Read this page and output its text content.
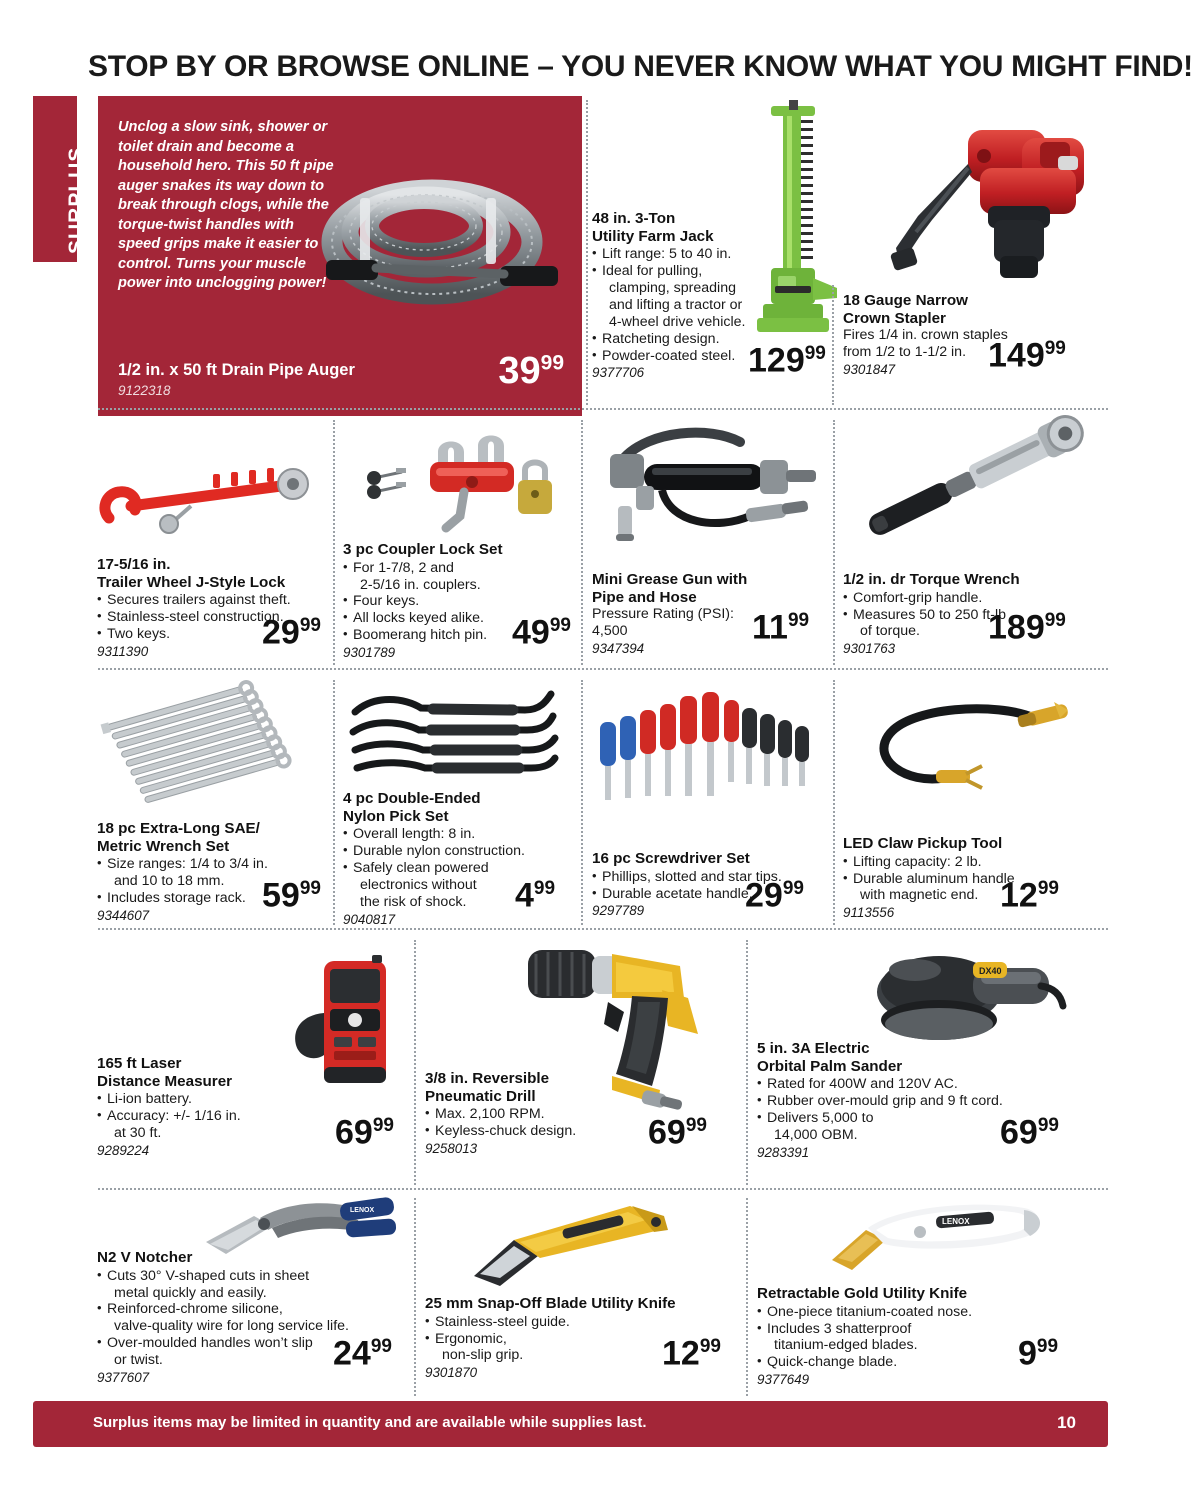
STOP BY OR BROWSE ONLINE – YOU NEVER KNOW WHAT YOU MIGHT FIND!
SURPLUS
Unclog a slow sink, shower or toilet drain and become a household hero. This 50 ft pipe auger snakes its way down to break through clogs, while the torque-twist handles with speed grips make it easier to control. Turns your muscle power into unclogging power!
1/2 in. x 50 ft Drain Pipe Auger
9122318	$39^{99}$
48 in. 3-Ton
Utility Farm Jack
• Lift range: 5 to 40 in.
• Ideal for pulling,
clamping, spreading
and lifting a tractor or
4-wheel drive vehicle.
• Ratcheting design.
• Powder-coated steel.
9377706	$129^{99}$
18 Gauge Narrow
Crown Stapler
Fires 1/4 in. crown staples
from 1/2 to 1-1/2 in.
9301847	$149^{99}$
17-5/16 in.
Trailer Wheel J-Style Lock
• Secures trailers against theft.
• Stainless-steel construction.
• Two keys.
9311390
$29^{99}$
3 pc Coupler Lock Set
• For 1-7/8, 2 and
2-5/16 in. couplers.
• Four keys.
• All locks keyed alike.
• Boomerang hitch pin.
9301789
$49^{99}$
Mini Grease Gun with
Pipe and Hose
Pressure Rating (PSI):
4,500
9347394
$11^{99}$
1/2 in. dr Torque Wrench
• Comfort-grip handle.
• Measures 50 to 250 ft-lb
of torque.
9301763
$189^{99}$
18 pc Extra-Long SAE/
Metric Wrench Set
• Size ranges: 1/4 to 3/4 in.
and 10 to 18 mm.
• Includes storage rack.
9344607
$59^{99}$
4 pc Double-Ended
Nylon Pick Set
• Overall length: 8 in.
• Durable nylon construction.
• Safely clean powered
electronics without
the risk of shock.
9040817
$4^{99}$
16 pc Screwdriver Set
• Phillips, slotted and star tips.
• Durable acetate handle.
9297789	$29^{99}$
LED Claw Pickup Tool
• Lifting capacity: 2 lb.
• Durable aluminum handle
with magnetic end.
9113556	$12^{99}$
165 ft Laser
Distance Measurer
• Li-ion battery.
• Accuracy: +/- 1/16 in.
at 30 ft.
9289224	$69^{99}$
3/8 in. Reversible
Pneumatic Drill
• Max. 2,100 RPM.
• Keyless-chuck design.
9258013	$69^{99}$
5 in. 3A Electric
Orbital Palm Sander
• Rated for 400W and 120V AC.
• Rubber over-mould grip and 9 ft cord.
• Delivers 5,000 to
14,000 OBM.
9283391
$69^{99}$
DX40
N2 V Notcher
• Cuts 30° V-shaped cuts in sheet
metal quickly and easily.
• Reinforced-chrome silicone,
valve-quality wire for long service life.
• Over-moulded handles won’t slip
or twist.
9377607
$24^{99}$
LENOX
25 mm Snap-Off Blade Utility Knife
• Stainless-steel guide.
• Ergonomic,
non-slip grip.
9301870
$12^{99}$
Retractable Gold Utility Knife
• One-piece titanium-coated nose.
• Includes 3 shatterproof
titanium-edged blades.
• Quick-change blade.
9377649
$9^{99}$
LENOX
Surplus items may be limited in quantity and are available while supplies last.	10
